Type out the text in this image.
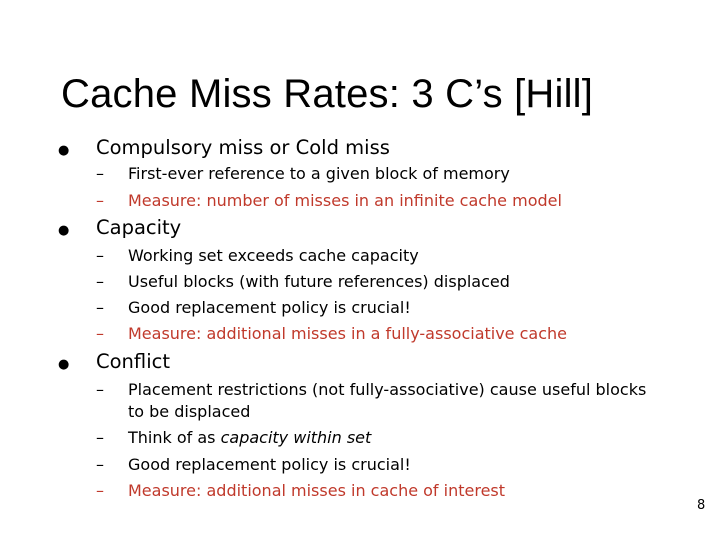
Cache Miss Rates: 3 C’s [Hill]
● Compulsory miss or Cold miss
– First-ever reference to a given block of memory
– Measure: number of misses in an infinite cache model
● Capacity
– Working set exceeds cache capacity
– Useful blocks (with future references) displaced
– Good replacement policy is crucial!
– Measure: additional misses in a fully-associative cache
● Conflict
– Placement restrictions (not fully-associative) cause useful blocks
to be displaced
– Think of as capacity within set
– Good replacement policy is crucial!
– Measure: additional misses in cache of interest
8
